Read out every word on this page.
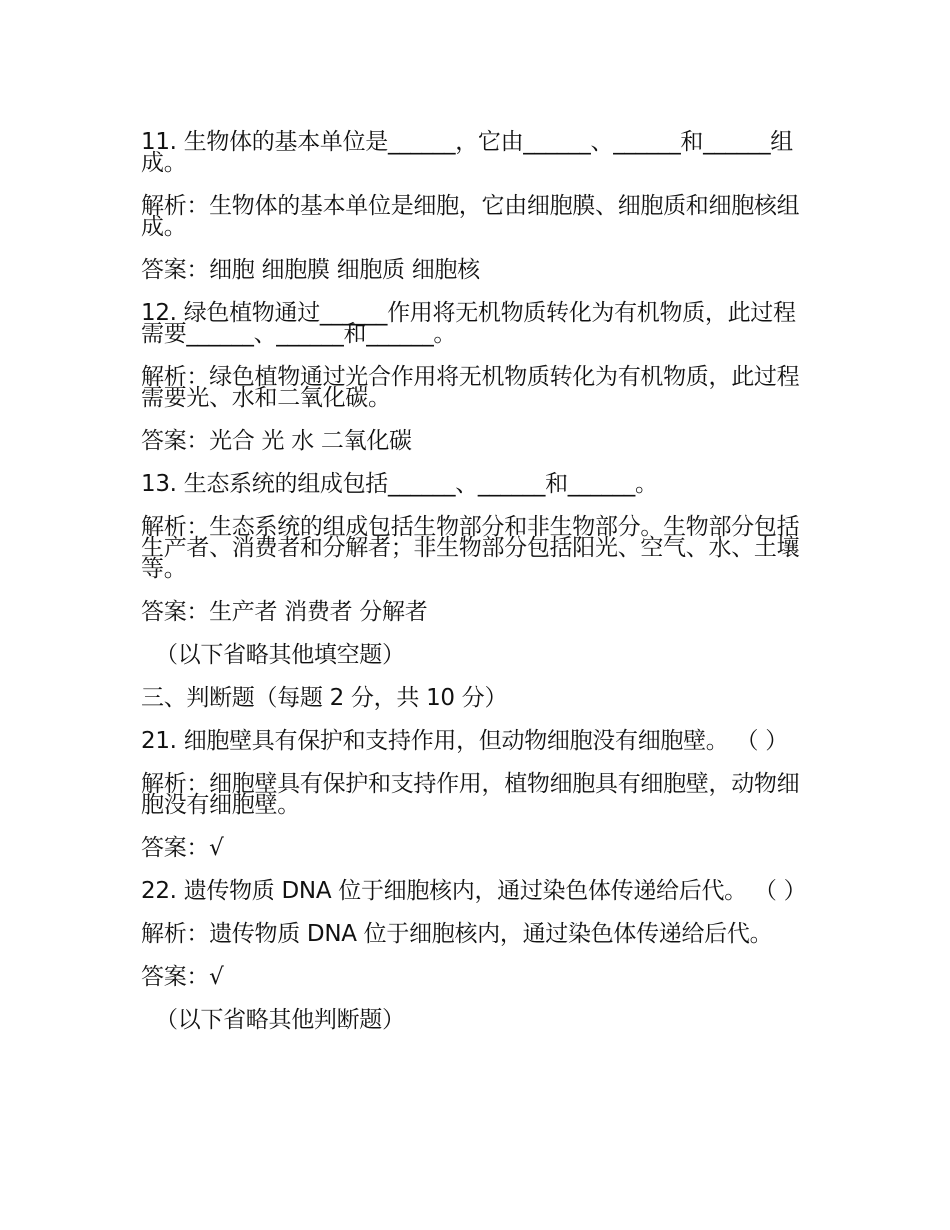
11. 生物体的基本单位是______，它由______、______和______组成。

解析：生物体的基本单位是细胞，它由细胞膜、细胞质和细胞核组成。

答案：细胞 细胞膜 细胞质 细胞核

12. 绿色植物通过______作用将无机物质转化为有机物质，此过程需要______、______和______。

解析：绿色植物通过光合作用将无机物质转化为有机物质，此过程需要光、水和二氧化碳。

答案：光合 光 水 二氧化碳

13. 生态系统的组成包括______、______和______。

解析：生态系统的组成包括生物部分和非生物部分。生物部分包括生产者、消费者和分解者；非生物部分包括阳光、空气、水、土壤等。

答案：生产者 消费者 分解者

（以下省略其他填空题）

三、判断题（每题 2 分，共 10 分）

21. 细胞壁具有保护和支持作用，但动物细胞没有细胞壁。 （ ）

解析：细胞壁具有保护和支持作用，植物细胞具有细胞壁，动物细胞没有细胞壁。

答案：√

22. 遗传物质 DNA 位于细胞核内，通过染色体传递给后代。 （ ）

解析：遗传物质 DNA 位于细胞核内，通过染色体传递给后代。

答案：√

（以下省略其他判断题）
